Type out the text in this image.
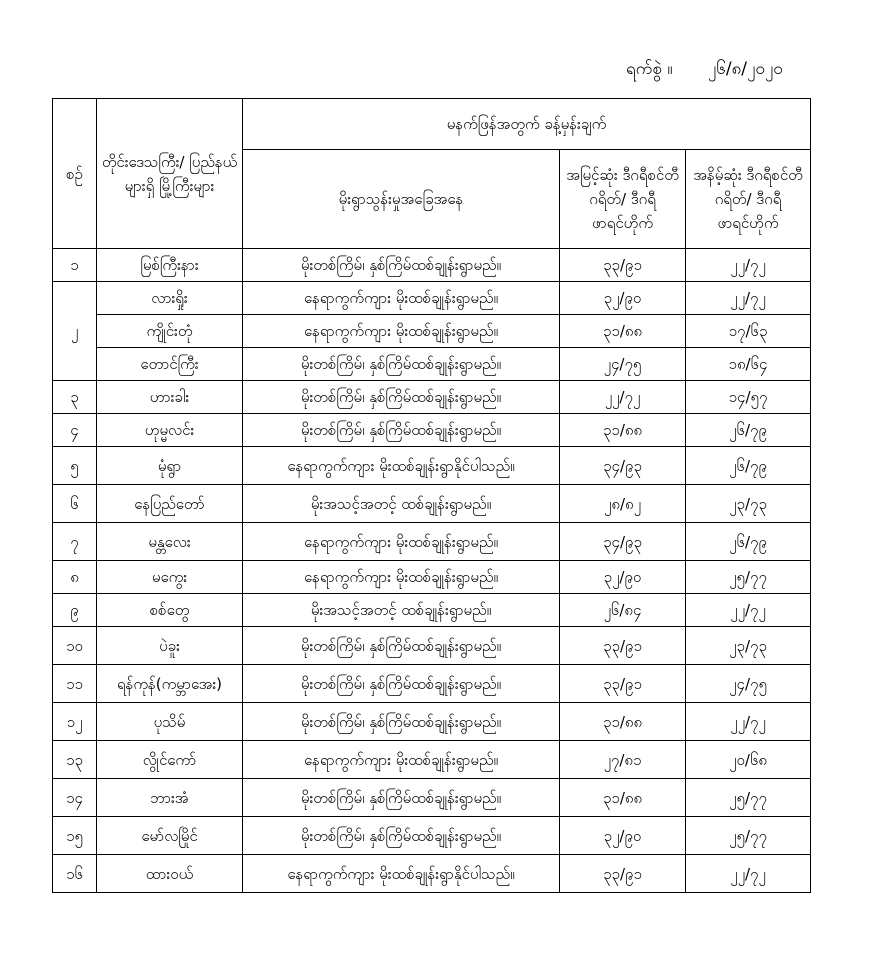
ရက်စွဲ ။ ၂၆/၈/၂၀၂၀
စဉ်	တိုင်းဒေသကြီး/ ပြည်နယ်များရှိ မြို့ကြီးများ	မနက်ဖြန်အတွက် ခန့်မှန်းချက်		
		မိုးရွာသွန်းမှုအခြေအနေ	အမြင့်ဆုံး ဒီဂရီစင်တီဂရိတ်/ ဒီဂရီဖာရင်ဟိုက်	အနိမ့်ဆုံး ဒီဂရီစင်တီဂရိတ်/ ဒီဂရီဖာရင်ဟိုက်
၁	မြစ်ကြီးနား	မိုးတစ်ကြိမ်၊ နှစ်ကြိမ်ထစ်ချုန်းရွာမည်။	၃၃/၉၁	၂၂/၇၂
၂	လားရှိုး	နေရာကွက်ကျား မိုးထစ်ချုန်းရွာမည်။	၃၂/၉၀	၂၂/၇၂
	ကျိုင်းတုံ	နေရာကွက်ကျား မိုးထစ်ချုန်းရွာမည်။	၃၁/၈၈	၁၇/၆၃
	တောင်ကြီး	မိုးတစ်ကြိမ်၊ နှစ်ကြိမ်ထစ်ချုန်းရွာမည်။	၂၄/၇၅	၁၈/၆၄
၃	ဟားခါး	မိုးတစ်ကြိမ်၊ နှစ်ကြိမ်ထစ်ချုန်းရွာမည်။	၂၂/၇၂	၁၄/၅၇
၄	ဟုမ္မလင်း	မိုးတစ်ကြိမ်၊ နှစ်ကြိမ်ထစ်ချုန်းရွာမည်။	၃၁/၈၈	၂၆/၇၉
၅	မုံရွာ	နေရာကွက်ကျား မိုးထစ်ချုန်းရွာနိုင်ပါသည်။	၃၄/၉၃	၂၆/၇၉
၆	နေပြည်တော်	မိုးအသင့်အတင့် ထစ်ချုန်းရွာမည်။	၂၈/၈၂	၂၃/၇၃
၇	မန္တလေး	နေရာကွက်ကျား မိုးထစ်ချုန်းရွာမည်။	၃၄/၉၃	၂၆/၇၉
၈	မကွေး	နေရာကွက်ကျား မိုးထစ်ချုန်းရွာမည်။	၃၂/၉၀	၂၅/၇၇
၉	စစ်တွေ	မိုးအသင့်အတင့် ထစ်ချုန်းရွာမည်။	၂၆/၈၄	၂၂/၇၂
၁၀	ပဲခူး	မိုးတစ်ကြိမ်၊ နှစ်ကြိမ်ထစ်ချုန်းရွာမည်။	၃၃/၉၁	၂၃/၇၃
၁၁	ရန်ကုန်(ကမ္ဘာအေး)	မိုးတစ်ကြိမ်၊ နှစ်ကြိမ်ထစ်ချုန်းရွာမည်။	၃၃/၉၁	၂၄/၇၅
၁၂	ပုသိမ်	မိုးတစ်ကြိမ်၊ နှစ်ကြိမ်ထစ်ချုန်းရွာမည်။	၃၁/၈၈	၂၂/၇၂
၁၃	လွိုင်ကော်	နေရာကွက်ကျား မိုးထစ်ချုန်းရွာမည်။	၂၇/၈၁	၂၀/၆၈
၁၄	ဘားအံ	မိုးတစ်ကြိမ်၊ နှစ်ကြိမ်ထစ်ချုန်းရွာမည်။	၃၁/၈၈	၂၅/၇၇
၁၅	မော်လမြိုင်	မိုးတစ်ကြိမ်၊ နှစ်ကြိမ်ထစ်ချုန်းရွာမည်။	၃၂/၉၀	၂၅/၇၇
၁၆	ထားဝယ်	နေရာကွက်ကျား မိုးထစ်ချုန်းရွာနိုင်ပါသည်။	၃၃/၉၁	၂၂/၇၂
